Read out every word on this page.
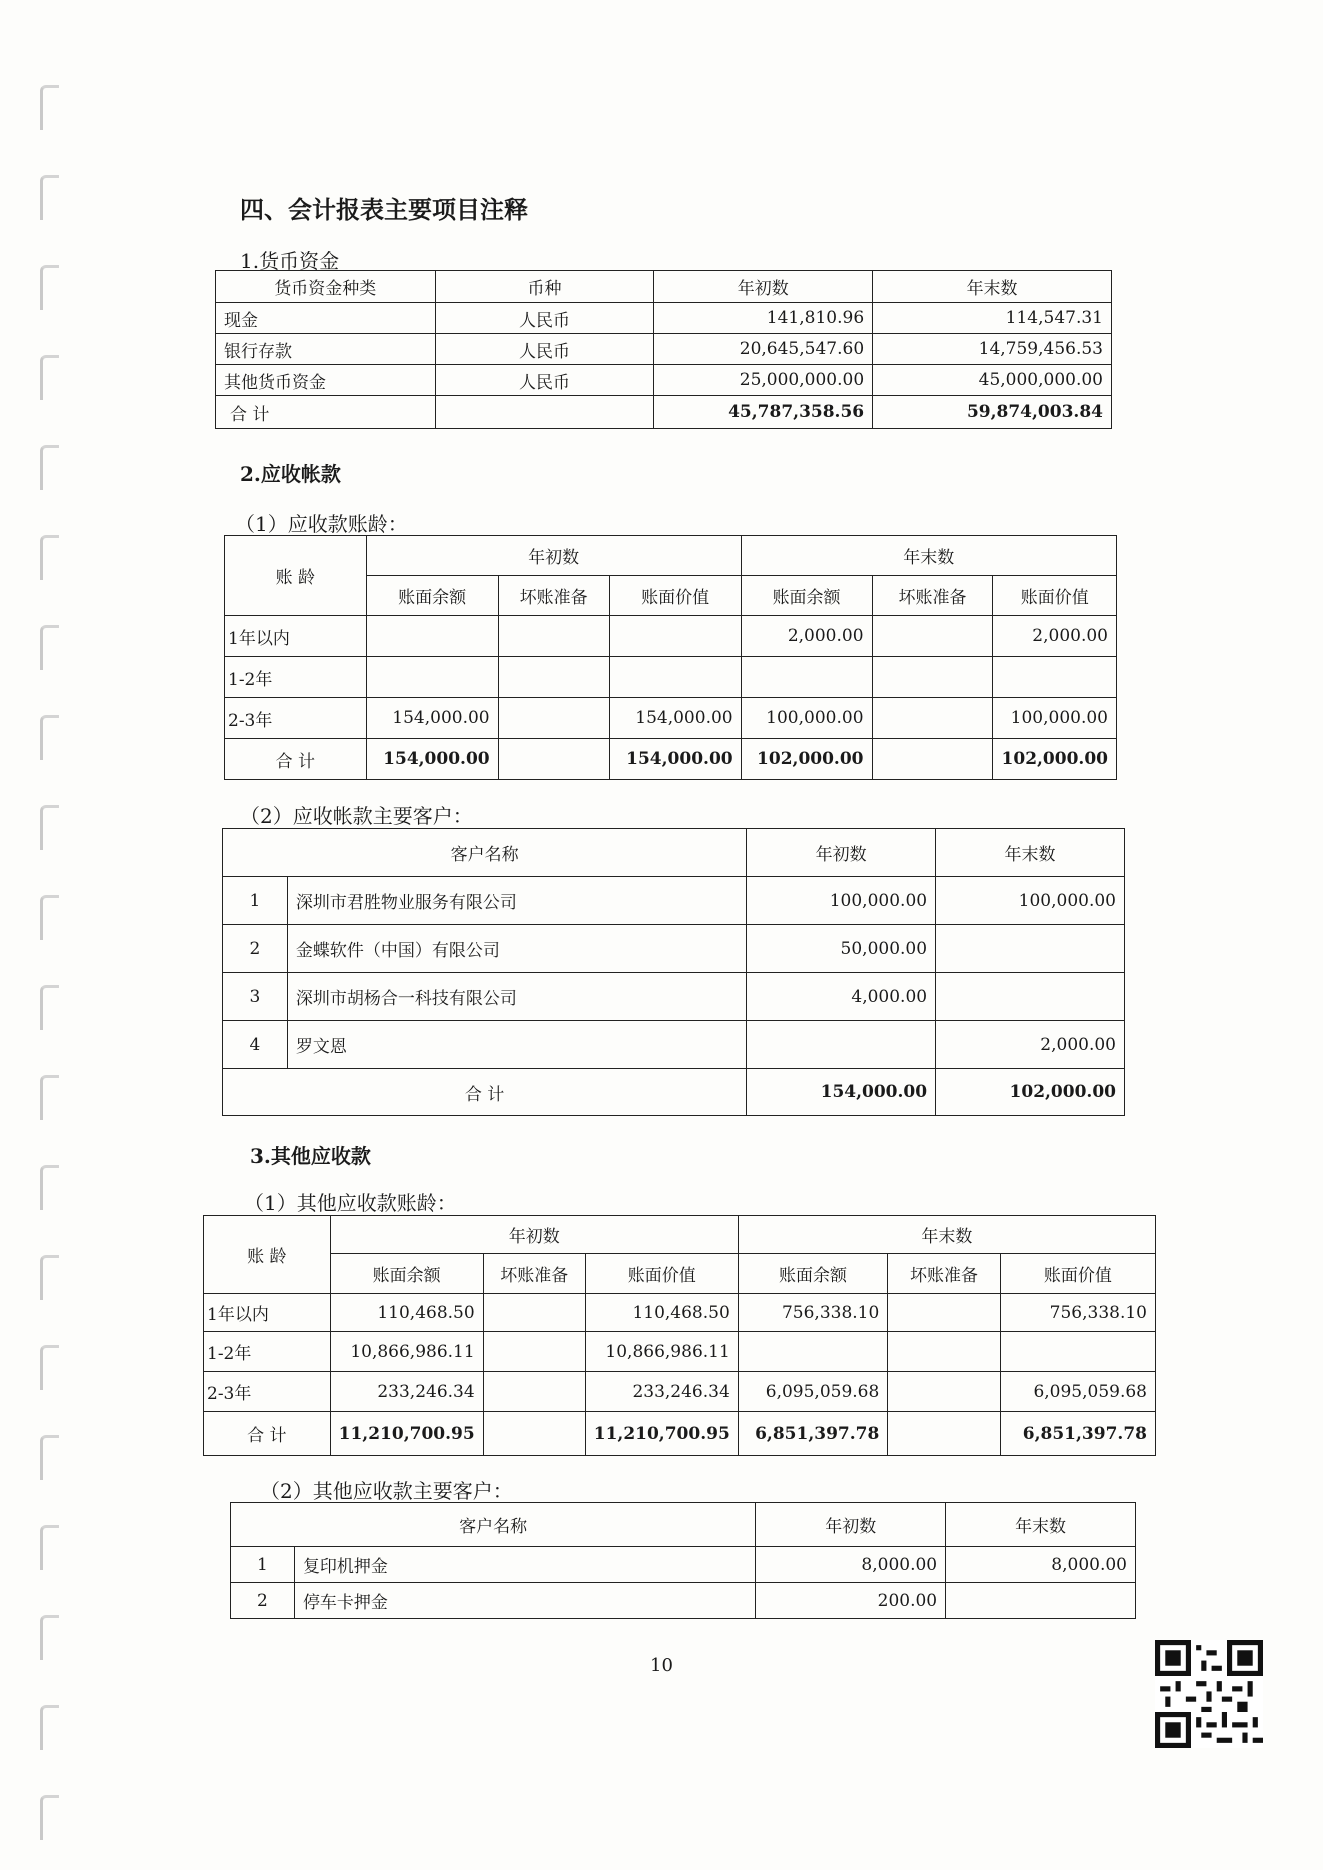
四、会计报表主要项目注释
1.货币资金
货币资金种类	币种	年初数	年末数
现金	人民币	141,810.96	114,547.31
银行存款	人民币	20,645,547.60	14,759,456.53
其他货币资金	人民币	25,000,000.00	45,000,000.00
合 计		45,787,358.56	59,874,003.84
2.应收帐款
（1）应收款账龄：
账 龄	年初数			年末数		
	账面余额	坏账准备	账面价值	账面余额	坏账准备	账面价值
1年以内				2,000.00		2,000.00
1-2年						
2-3年	154,000.00		154,000.00	100,000.00		100,000.00
合 计	154,000.00		154,000.00	102,000.00		102,000.00
（2）应收帐款主要客户：
客户名称		年初数	年末数
1	深圳市君胜物业服务有限公司	100,000.00	100,000.00
2	金蝶软件（中国）有限公司	50,000.00	
3	深圳市胡杨合一科技有限公司	4,000.00	
4	罗文恩		2,000.00
合 计		154,000.00	102,000.00
3.其他应收款
（1）其他应收款账龄：
账 龄	年初数			年末数		
	账面余额	坏账准备	账面价值	账面余额	坏账准备	账面价值
1年以内	110,468.50		110,468.50	756,338.10		756,338.10
1-2年	10,866,986.11		10,866,986.11			
2-3年	233,246.34		233,246.34	6,095,059.68		6,095,059.68
合 计	11,210,700.95		11,210,700.95	6,851,397.78		6,851,397.78
（2）其他应收款主要客户：
客户名称		年初数	年末数
1	复印机押金	8,000.00	8,000.00
2	停车卡押金	200.00	
10
